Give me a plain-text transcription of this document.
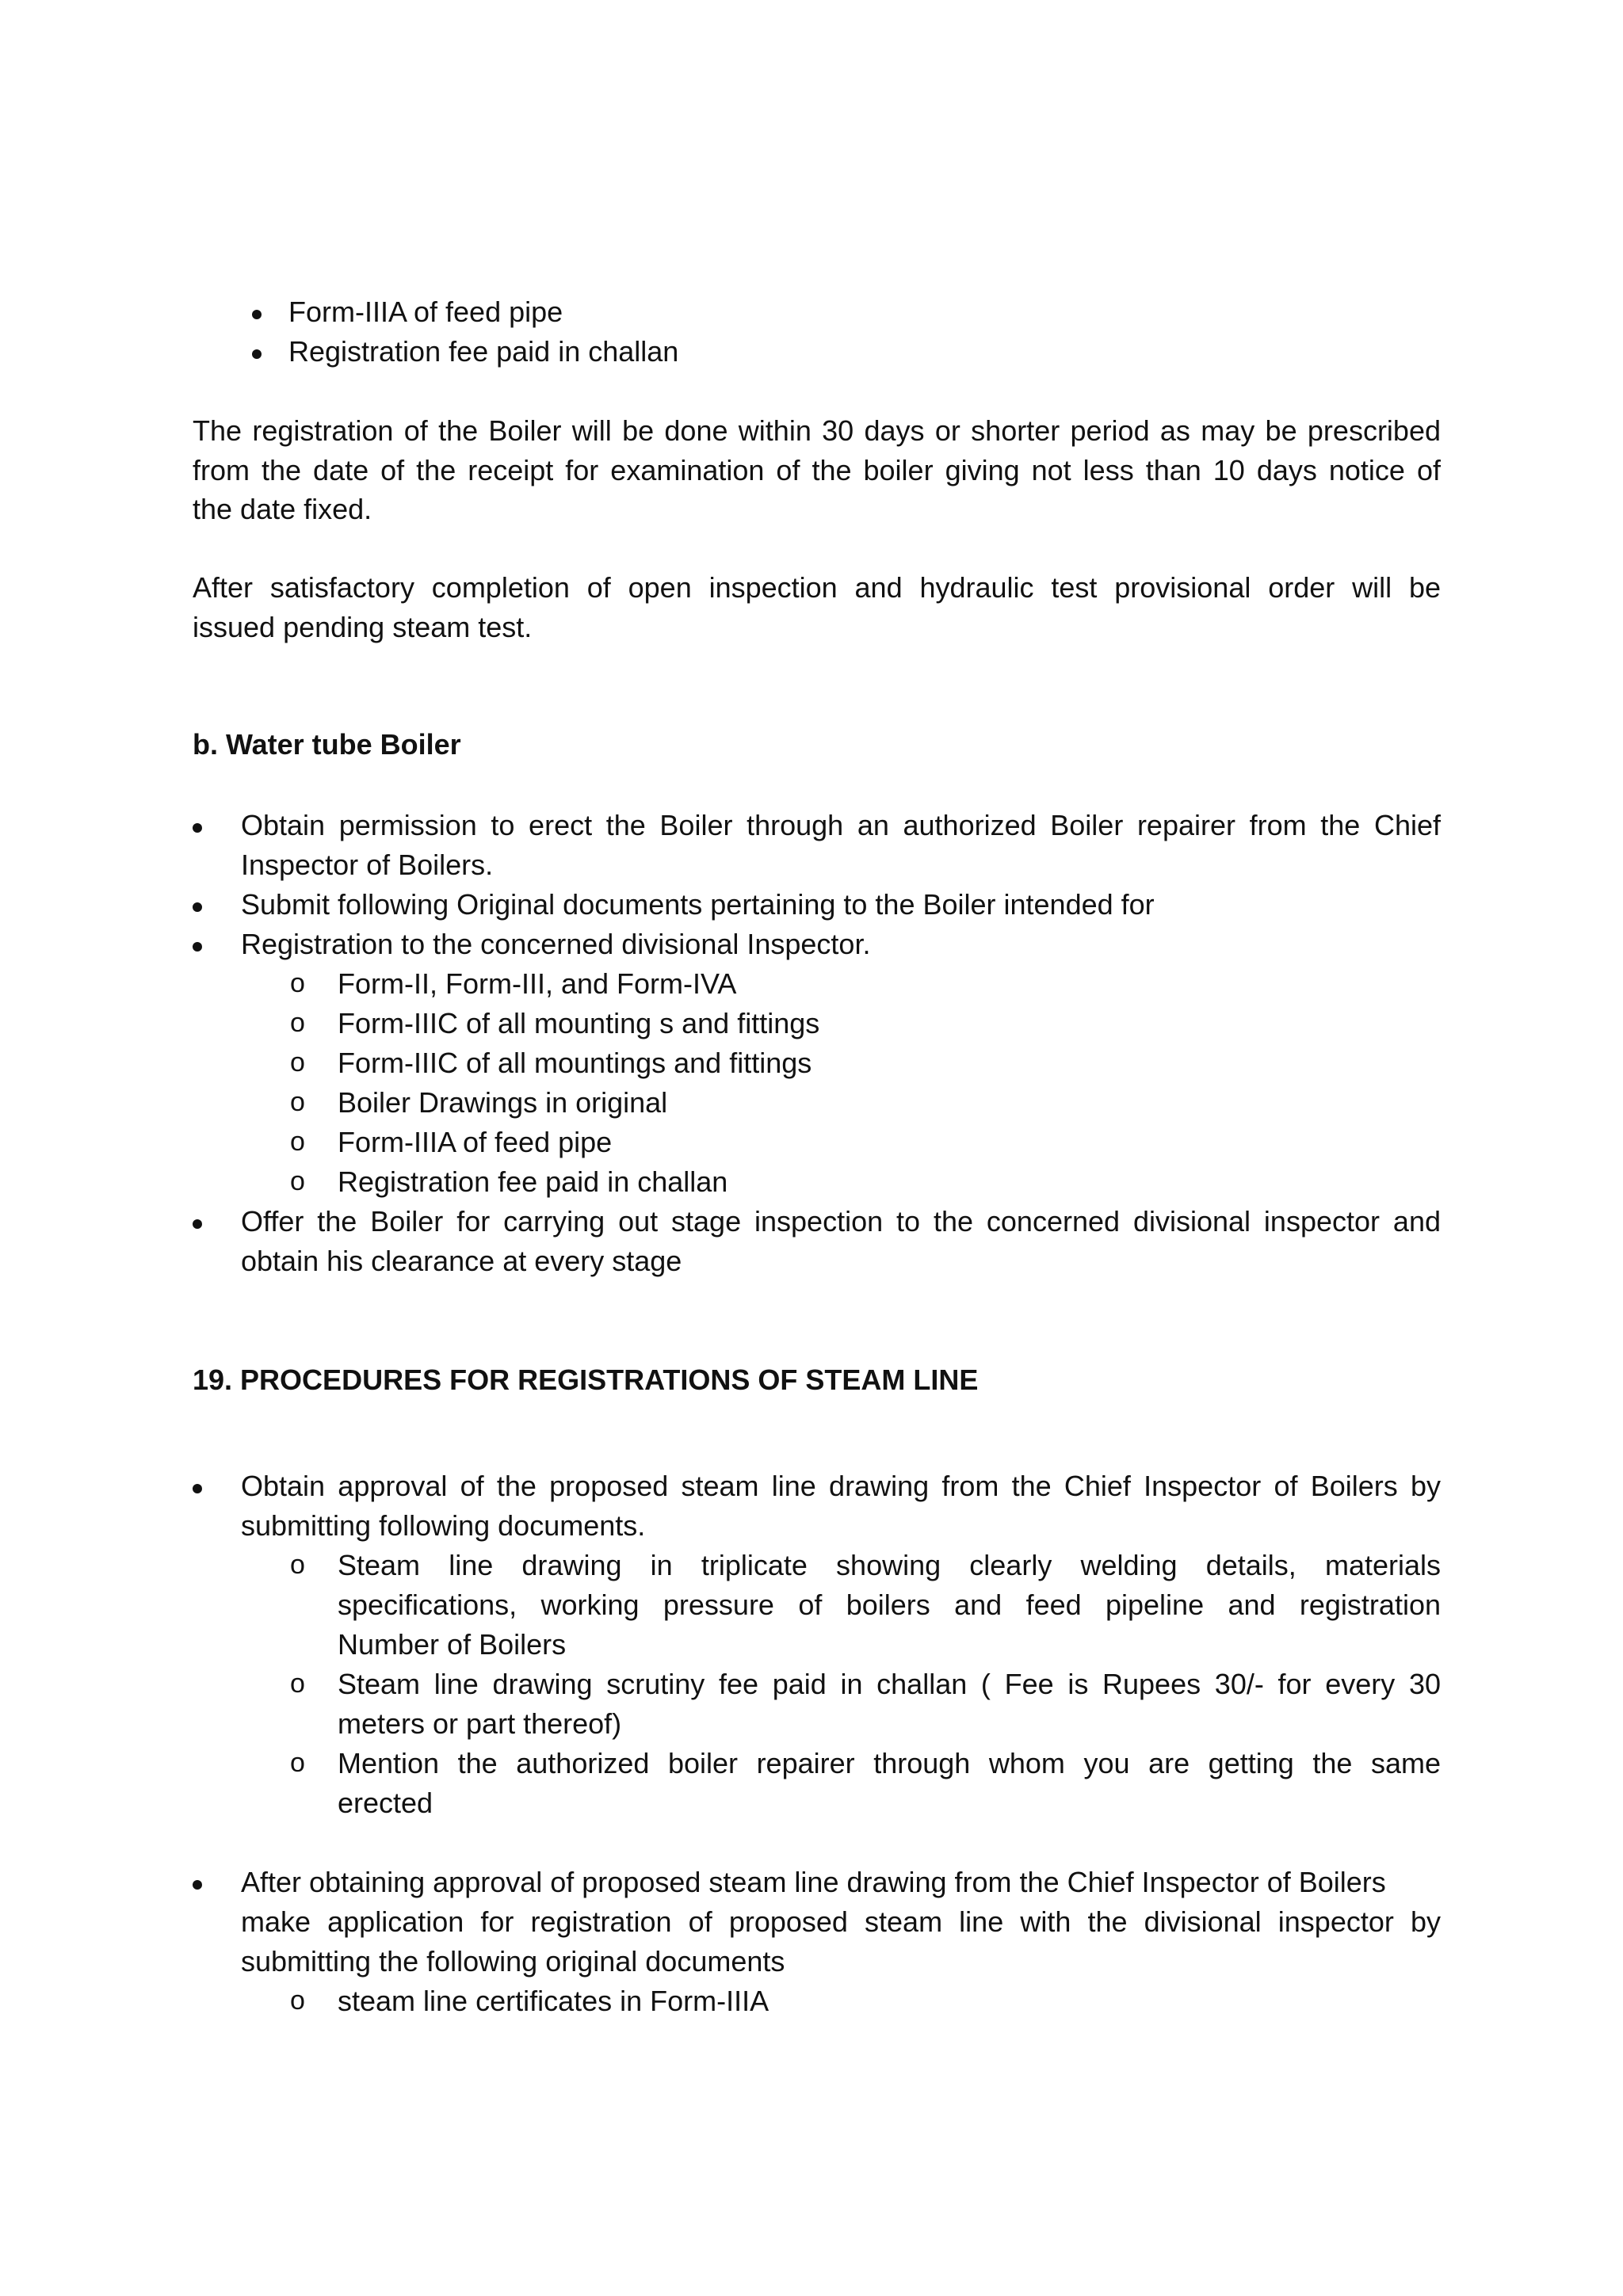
Form-IIIA of feed pipe
Registration fee paid in challan
The registration of the Boiler will be done within 30 days or shorter period as may be prescribed
from the date of the receipt for examination of the boiler giving not less than 10 days notice of
the date fixed.
After satisfactory completion of open inspection and hydraulic test provisional order will be
issued pending steam test.
b. Water tube Boiler
Obtain permission to erect the Boiler through an authorized Boiler repairer from the Chief
Inspector of Boilers.
Submit following Original documents pertaining to the Boiler intended for
Registration to the concerned divisional Inspector.
o Form-II, Form-III, and Form-IVA
o Form-IIIC of all mounting s and fittings
o Form-IIIC of all mountings and fittings
o Boiler Drawings in original
o Form-IIIA of feed pipe
o Registration fee paid in challan
Offer the Boiler for carrying out stage inspection to the concerned divisional inspector and
obtain his clearance at every stage
19. PROCEDURES FOR REGISTRATIONS OF STEAM LINE
Obtain approval of the proposed steam line drawing from the Chief Inspector of Boilers by
submitting following documents.
o Steam line drawing in triplicate showing clearly welding details, materials
specifications, working pressure of boilers and feed pipeline and registration
Number of Boilers
o Steam line drawing scrutiny fee paid in challan ( Fee is Rupees 30/- for every 30
meters or part thereof)
o Mention the authorized boiler repairer through whom you are getting the same
erected
After obtaining approval of proposed steam line drawing from the Chief Inspector of Boilers
make application for registration of proposed steam line with the divisional inspector by
submitting the following original documents
o steam line certificates in Form-IIIA
